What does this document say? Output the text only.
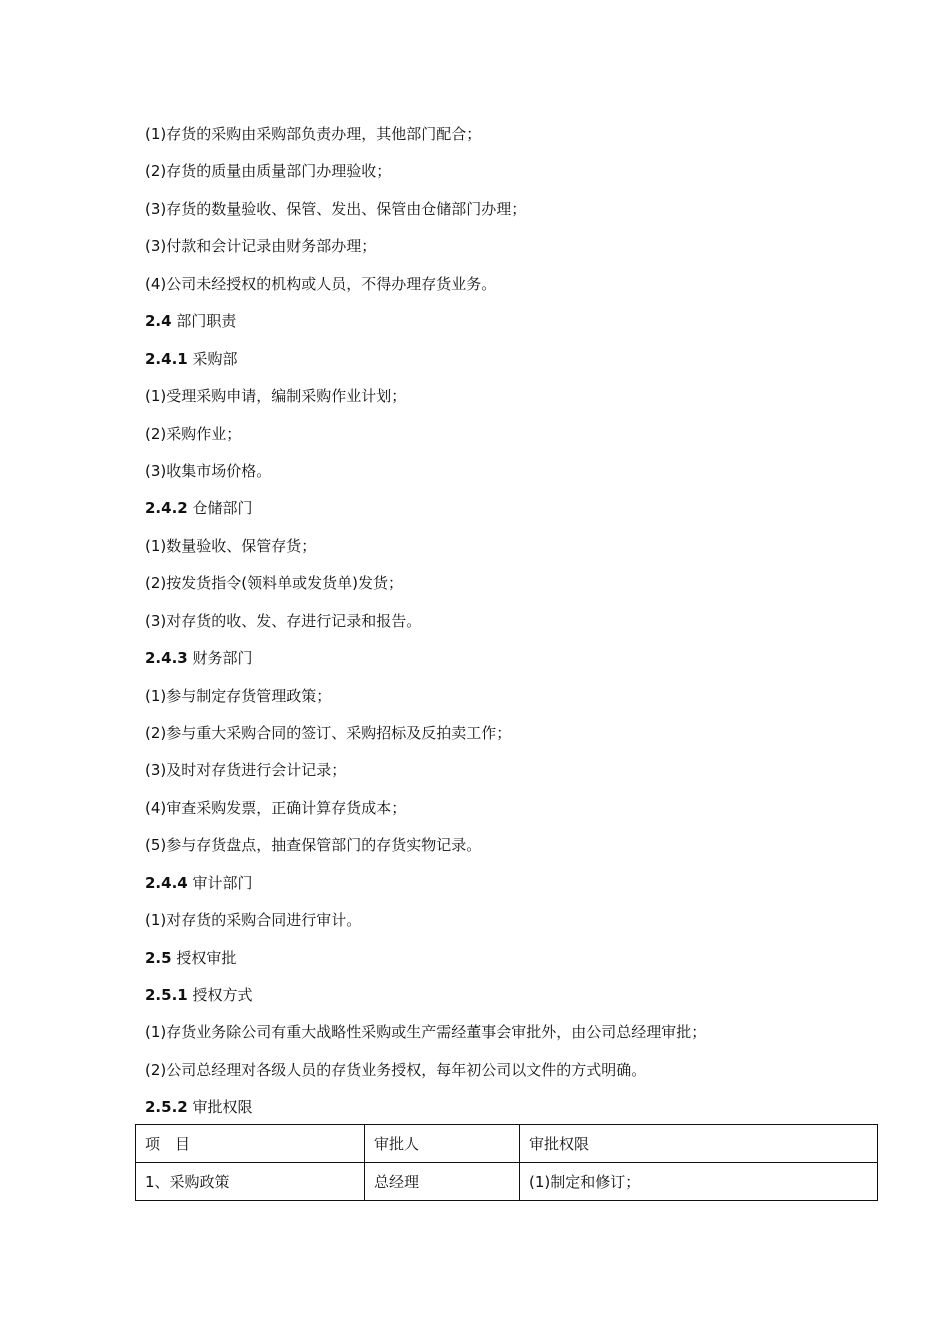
(1)存货的采购由采购部负责办理，其他部门配合；

(2)存货的质量由质量部门办理验收；

(3)存货的数量验收、保管、发出、保管由仓储部门办理；

(3)付款和会计记录由财务部办理；

(4)公司未经授权的机构或人员，不得办理存货业务。

2.4 部门职责

2.4.1 采购部

(1)受理采购申请，编制采购作业计划；

(2)采购作业；

(3)收集市场价格。

2.4.2 仓储部门

(1)数量验收、保管存货；

(2)按发货指令(领料单或发货单)发货；

(3)对存货的收、发、存进行记录和报告。

2.4.3 财务部门

(1)参与制定存货管理政策；

(2)参与重大采购合同的签订、采购招标及反拍卖工作；

(3)及时对存货进行会计记录；

(4)审查采购发票，正确计算存货成本；

(5)参与存货盘点，抽查保管部门的存货实物记录。

2.4.4 审计部门

(1)对存货的采购合同进行审计。

2.5 授权审批

2.5.1 授权方式

(1)存货业务除公司有重大战略性采购或生产需经董事会审批外，由公司总经理审批；

(2)公司总经理对各级人员的存货业务授权，每年初公司以文件的方式明确。

2.5.2 审批权限

项　目	审批人	审批权限
1、采购政策	总经理	(1)制定和修订；
